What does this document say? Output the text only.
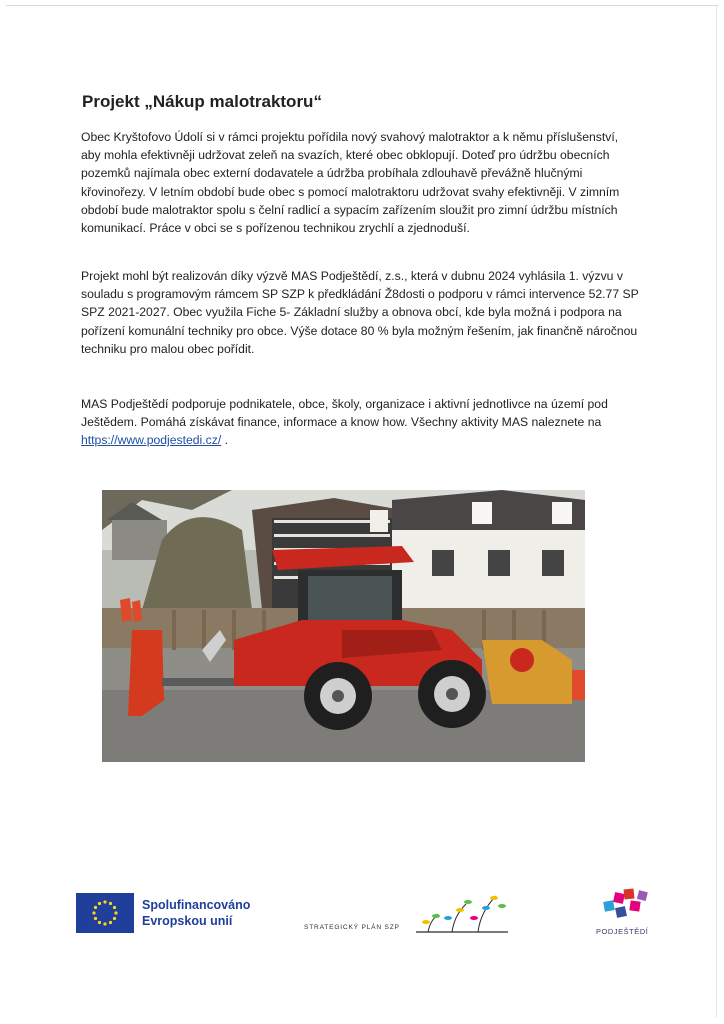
Projekt „Nákup malotraktoru“

Obec Kryštofovo Údolí si v rámci projektu pořídila nový svahový malotraktor a k němu příslušenství, aby mohla efektivněji udržovat zeleň na svazích, které obec obklopují. Doteď pro údržbu obecních pozemků najímala obec externí dodavatele a údržba probíhala zdlouhavě převážně hlučnými křovinořezy. V letním období bude obec s pomocí malotraktoru udržovat svahy efektivněji. V zimním období bude malotraktor spolu s čelní radlicí a sypacím zařízením sloužit pro zimní údržbu místních komunikací. Práce v obci se s pořízenou technikou zrychlí a zjednoduší.

Projekt mohl být realizován díky výzvě MAS Podještědí, z.s., která v dubnu 2024 vyhlásila 1. výzvu v souladu s programovým rámcem SP SZP k předkládání Ž8dosti o podporu v rámci intervence 52.77 SP SPZ 2021-2027. Obec využila Fiche 5- Základní služby a obnova obcí, kde byla možná i podpora na pořízení komunální techniky pro obce. Výše dotace 80 % byla možným řešením, jak finančně náročnou techniku pro malou obec pořídit.

MAS Podještědí podporuje podnikatele, obce, školy, organizace i aktivní jednotlivce na území pod Ještědem. Pomáhá získávat finance, informace a know how. Všechny aktivity MAS naleznete na https://www.podjestedi.cz/ .

Spolufinancováno
Evropskou unií	STRATEGICKÝ PLÁN SZP	PODJEŠTĚDÍ
